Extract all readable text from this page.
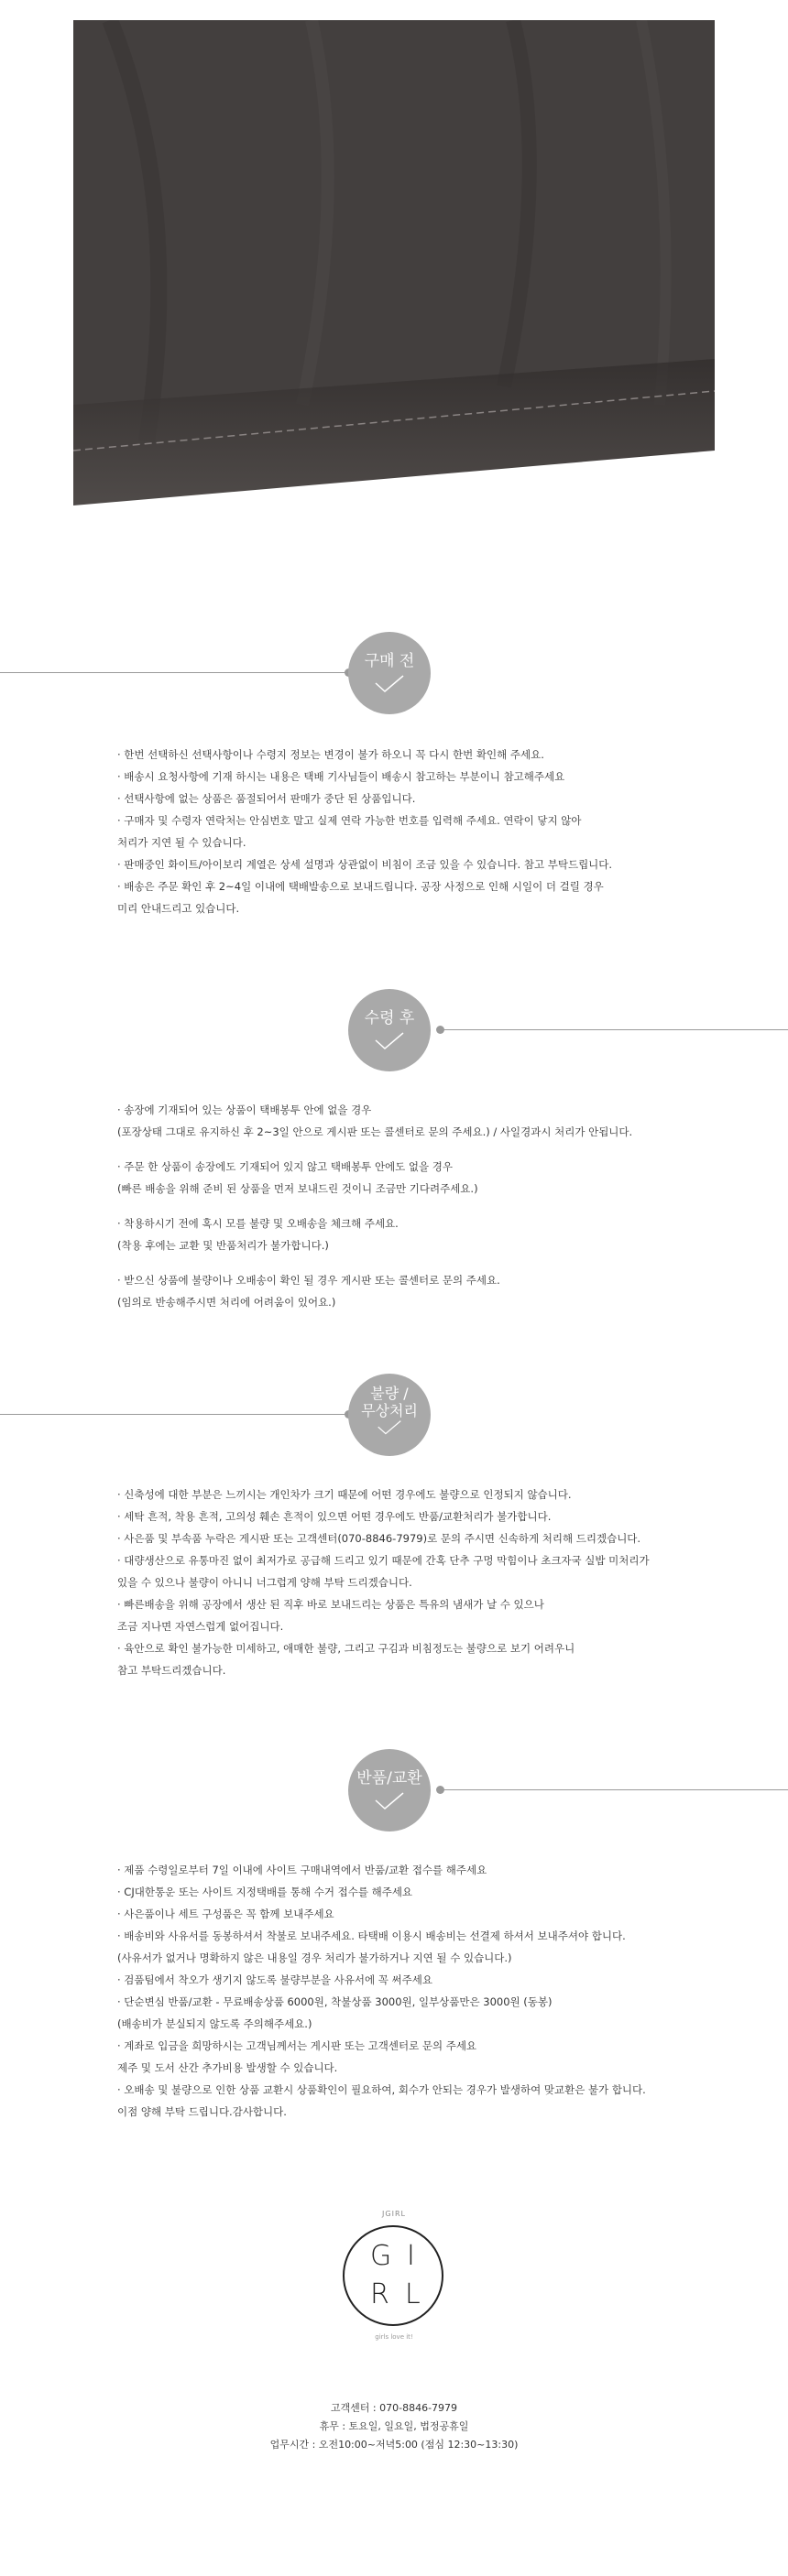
구매 전

· 한번 선택하신 선택사항이나 수령지 정보는 변경이 불가 하오니 꼭 다시 한번 확인해 주세요.

· 배송시 요청사항에 기재 하시는 내용은 택배 기사님들이 배송시 참고하는 부분이니 참고해주세요

· 선택사항에 없는 상품은 품절되어서 판매가 중단 된 상품입니다.

· 구매자 및 수령자 연락처는 안심번호 말고 실제 연락 가능한 번호를 입력해 주세요. 연락이 닿지 않아

처리가 지연 될 수 있습니다.

· 판매중인 화이트/아이보리 계열은 상세 설명과 상관없이 비침이 조금 있을 수 있습니다. 참고 부탁드립니다.

· 배송은 주문 확인 후 2~4일 이내에 택배발송으로 보내드립니다. 공장 사정으로 인해 시일이 더 걸릴 경우

미리 안내드리고 있습니다.

수령 후

· 송장에 기재되어 있는 상품이 택배봉투 안에 없을 경우

(포장상태 그대로 유지하신 후 2~3일 안으로 게시판 또는 콜센터로 문의 주세요.) / 사일경과시 처리가 안됩니다.

· 주문 한 상품이 송장에도 기재되어 있지 않고 택배봉투 안에도 없을 경우

(빠른 배송을 위해 준비 된 상품을 먼저 보내드린 것이니 조금만 기다려주세요.)

· 착용하시기 전에 혹시 모를 불량 및 오배송을 체크해 주세요.

(착용 후에는 교환 및 반품처리가 불가합니다.)

· 받으신 상품에 불량이나 오배송이 확인 될 경우 게시판 또는 콜센터로 문의 주세요.

(임의로 반송해주시면 처리에 어려움이 있어요.)

불량 /
무상처리

· 신축성에 대한 부분은 느끼시는 개인차가 크기 때문에 어떤 경우에도 불량으로 인정되지 않습니다.

· 세탁 흔적, 착용 흔적, 고의성 훼손 흔적이 있으면 어떤 경우에도 반품/교환처리가 불가합니다.

· 사은품 및 부속품 누락은 게시판 또는 고객센터(070-8846-7979)로 문의 주시면 신속하게 처리해 드리겠습니다.

· 대량생산으로 유통마진 없이 최저가로 공급해 드리고 있기 때문에 간혹 단추 구멍 막힘이나 초크자국 실밥 미처리가

있을 수 있으나 불량이 아니니 너그럽게 양해 부탁 드리겠습니다.

· 빠른배송을 위해 공장에서 생산 된 직후 바로 보내드리는 상품은 특유의 냄새가 날 수 있으나

조금 지나면 자연스럽게 없어집니다.

· 육안으로 확인 불가능한 미세하고, 애매한 불량, 그리고 구김과 비침정도는 불량으로 보기 어려우니

참고 부탁드리겠습니다.

반품/교환

· 제품 수령일로부터 7일 이내에 사이트 구매내역에서 반품/교환 접수를 해주세요

· CJ대한통운 또는 사이트 지정택배를 통해 수거 접수를 해주세요

· 사은품이나 세트 구성품은 꼭 함께 보내주세요

· 배송비와 사유서를 동봉하셔서 착불로 보내주세요. 타택배 이용시 배송비는 선결제 하셔서 보내주셔야 합니다.

(사유서가 없거나 명확하지 않은 내용일 경우 처리가 불가하거나 지연 될 수 있습니다.)

· 검품팀에서 착오가 생기지 않도록 불량부분을 사유서에 꼭 써주세요

· 단순변심 반품/교환 - 무료배송상품 6000원, 착불상품 3000원, 일부상품만은 3000원 (동봉)

(배송비가 분실되지 않도록 주의해주세요.)

· 계좌로 입금을 희망하시는 고객님께서는 게시판 또는 고객센터로 문의 주세요

제주 및 도서 산간 추가비용 발생할 수 있습니다.

· 오배송 및 불량으로 인한 상품 교환시 상품확인이 필요하여, 회수가 안되는 경우가 발생하여 맞교환은 불가 합니다.

이점 양해 부탁 드립니다.감사합니다.

JGIRL
G I
R L
girls love it!

고객센터 : 070-8846-7979

휴무 : 토요일, 일요일, 법정공휴일

업무시간 : 오전10:00~저녁5:00 (점심 12:30~13:30)
